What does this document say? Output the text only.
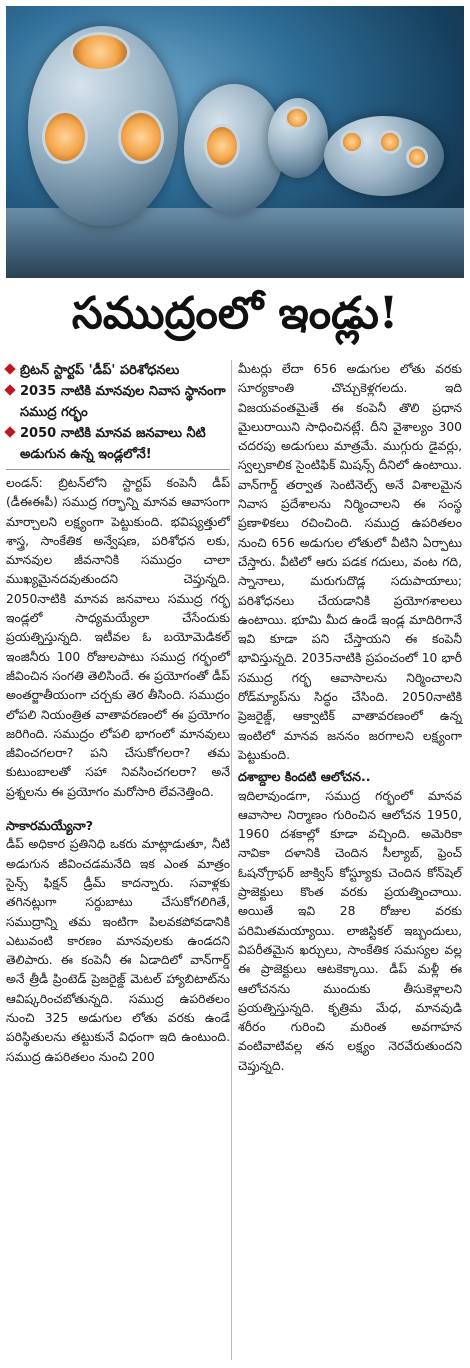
సముద్రంలో ఇండ్లు!
బ్రిటన్ స్టార్టప్ 'డీప్' పరిశోధనలు
2035 నాటికి మానవుల నివాస స్థానంగా సముద్ర గర్భం
2050 నాటికి మానవ జనవాలు నీటి అడుగున ఉన్న ఇండ్లలోనే!

లండన్: బ్రిటన్‌లోని స్టార్టప్ కంపెనీ డీప్ (డీఈఈపీ) సముద్ర గర్భాన్ని మానవ ఆవాసంగా మార్చాలని లక్ష్యంగా పెట్టుకుంది. భవిష్యత్తులో శాస్త్ర, సాంకేతిక అన్వేషణ, పరిశోధన లకు, మానవుల జీవనానికి సముద్రం చాలా ముఖ్యమైనదవుతుందని చెప్తున్నది. 2050నాటికి మానవ జనవాలు సముద్ర గర్భ ఇండ్లలో సాధ్యమయ్యేలా చేసేందుకు ప్రయత్నిస్తున్నది. ఇటీవల ఓ బయోమెడికల్ ఇంజినీరు 100 రోజులపాటు సముద్ర గర్భంలో జీవించిన సంగతి తెలిసిందే. ఈ ప్రయోగంతో డీప్ అంతర్జాతీయంగా చర్చకు తెర తీసింది. సముద్రం లోపలి నియంత్రిత వాతావరణంలో ఈ ప్రయోగం జరిగింది. సముద్రం లోపలి భాగంలో మానవులు జీవించగలరా? పని చేసుకోగలరా? తమ కుటుంబాలతో సహా నివసించగలరా? అనే ప్రశ్నలను ఈ ప్రయోగం మరోసారి లేవనెత్తింది.

సాకారమయ్యేనా?

డీప్ అధికార ప్రతినిధి ఒకరు మాట్లాడుతూ, నీటి అడుగున జీవించడమనేది ఇక ఎంత మాత్రం సైన్స్ ఫిక్షన్ డ్రీమ్ కాదన్నారు. సవాళ్లకు తగినట్లుగా సర్దుబాటు చేసుకోగలిగితే, సముద్రాన్ని తమ ఇంటిగా పిలవకపోవడానికి ఎటువంటి కారణం మానవులకు ఉండదని తెలిపారు. ఈ కంపెనీ ఈ ఏడాదిలో వాన్‌గార్డ్ అనే త్రీడీ ప్రింటెడ్ ప్రెజరైజ్డ్ మెటల్ హ్యాబిటాట్‌ను ఆవిష్కరించబోతున్నది. సముద్ర ఉపరితలం నుంచి 325 అడుగుల లోతు వరకు ఉండే పరిస్థితులను తట్టుకునే విధంగా ఇది ఉంటుంది. సముద్ర ఉపరితలం నుంచి 200

మీటర్లు లేదా 656 అడుగుల లోతు వరకు సూర్యకాంతి చొచ్చుకెళ్లగలదు. ఇది విజయవంతమైతే ఈ కంపెనీ తొలి ప్రధాన మైలురాయిని సాధించినట్లే. దీని వైశాల్యం 300 చదరపు అడుగులు మాత్రమే. ముగ్గురు డైవర్లు, స్వల్పకాలిక సైంటిఫిక్ మిషన్స్ దీనిలో ఉంటాయి. వాన్‌గార్డ్ తర్వాత సెంటినెల్స్ అనే విశాలమైన నివాస ప్రదేశాలను నిర్మించాలని ఈ సంస్థ ప్రణాళికలు రచించింది. సముద్ర ఉపరితలం నుంచి 656 అడుగుల లోతులో వీటిని ఏర్పాటు చేస్తారు. వీటిలో ఆరు పడక గదులు, వంట గది, స్నానాలు, మరుగుదొడ్ల సదుపాయాలు; పరిశోధనలు చేయడానికి ప్రయోగశాలలు ఉంటాయి. భూమి మీద ఉండే ఇండ్ల మాదిరిగానే ఇవి కూడా పని చేస్తాయని ఈ కంపెనీ భావిస్తున్నది. 2035నాటికి ప్రపంచంలో 10 భారీ సముద్ర గర్భ ఆవాసాలను నిర్మించాలని రోడ్‌మ్యాప్‌ను సిద్ధం చేసింది. 2050నాటికి ప్రెజరైజ్డ్, ఆక్వాటిక్ వాతావరణంలో ఉన్న ఇంటిలో మానవ జననం జరగాలని లక్ష్యంగా పెట్టుకుంది.

దశాబ్దాల కిందటి ఆలోచన..

ఇదిలావుండగా, సముద్ర గర్భంలో మానవ ఆవాసాల నిర్మాణం గురించిన ఆలోచన 1950, 1960 దశకాల్లో కూడా వచ్చింది. అమెరికా నావికా దళానికి చెందిన సీల్యాబ్, ఫ్రెంచ్ ఓషనోగ్రాఫర్ జాక్విస్ కోస్ట్యూకు చెందిన కోన్‌షెల్ ప్రాజెక్టులు కొంత వరకు ప్రయత్నించాయి. అయితే ఇవి 28 రోజుల వరకు పరిమితమయ్యాయి. లాజిస్టికల్ ఇబ్బందులు, విపరీతమైన ఖర్చులు, సాంకేతిక సమస్యల వల్ల ఈ ప్రాజెక్టులు ఆటకెక్కాయి. డీప్ మళ్లీ ఈ ఆలోచనను ముందుకు తీసుకెళ్లాలని ప్రయత్నిస్తున్నది. కృత్రిమ మేధ, మానవుడి శరీరం గురించి మరింత అవగాహన వంటివాటివల్ల తన లక్ష్యం నెరవేరుతుందని చెప్తున్నది.
